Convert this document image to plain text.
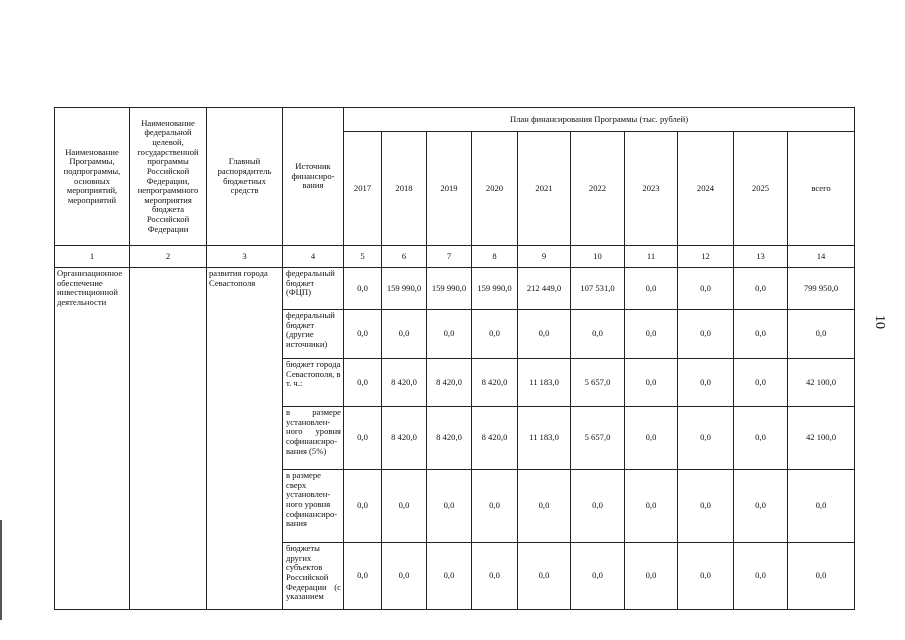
Наименование Программы, подпрограммы, основных мероприятий, мероприятий	Наименование федеральной целевой, государственной программы Российской Федерации, непрограммного мероприятия бюджета Российской Федерации	Главный распорядитель бюджетных средств	Источник финансиро-вания	План финансирования Программы (тыс. рублей)									
				2017	2018	2019	2020	2021	2022	2023	2024	2025	всего
1	2	3	4	5	6	7	8	9	10	11	12	13	14
Организационное обеспечение инвестиционной деятельности		развития города Севастополя	федеральный бюджет (ФЦП)	0,0	159 990,0	159 990,0	159 990,0	212 449,0	107 531,0	0,0	0,0	0,0	799 950,0
			федеральный бюджет (другие источники)	0,0	0,0	0,0	0,0	0,0	0,0	0,0	0,0	0,0	0,0
			бюджет города Севастополя, в т. ч.:	0,0	8 420,0	8 420,0	8 420,0	11 183,0	5 657,0	0,0	0,0	0,0	42 100,0
			в размере установлен-ного уровня софинансиро-вания (5%)	0,0	8 420,0	8 420,0	8 420,0	11 183,0	5 657,0	0,0	0,0	0,0	42 100,0
			в размере сверх установлен-ного уровня софинансиро-вания	0,0	0,0	0,0	0,0	0,0	0,0	0,0	0,0	0,0	0,0
			бюджеты других субъектов Российской Федерации (с указанием	0,0	0,0	0,0	0,0	0,0	0,0	0,0	0,0	0,0	0,0
10
